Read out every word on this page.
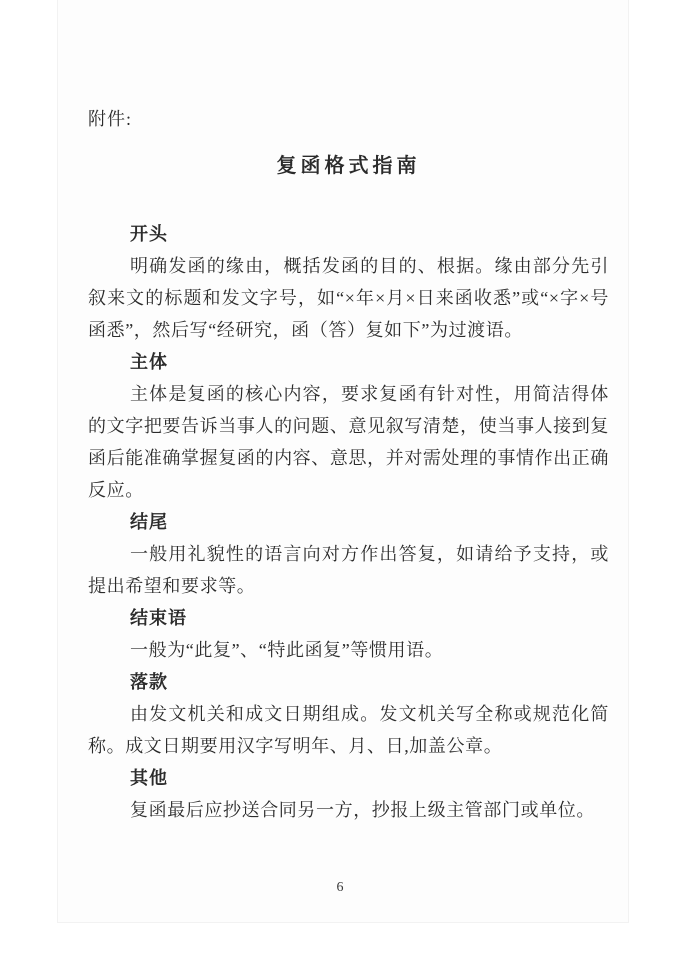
附件:

复函格式指南
开头

明确发函的缘由，概括发函的目的、根据。缘由部分先引叙来文的标题和发文字号，如“×年×月×日来函收悉”或“×字×号函悉”，然后写“经研究，函（答）复如下”为过渡语。

主体

主体是复函的核心内容，要求复函有针对性，用简洁得体的文字把要告诉当事人的问题、意见叙写清楚，使当事人接到复函后能准确掌握复函的内容、意思，并对需处理的事情作出正确反应。

结尾

一般用礼貌性的语言向对方作出答复，如请给予支持，或提出希望和要求等。

结束语

一般为“此复”、“特此函复”等惯用语。

落款

由发文机关和成文日期组成。发文机关写全称或规范化简称。成文日期要用汉字写明年、月、日,加盖公章。

其他

复函最后应抄送合同另一方，抄报上级主管部门或单位。

6
